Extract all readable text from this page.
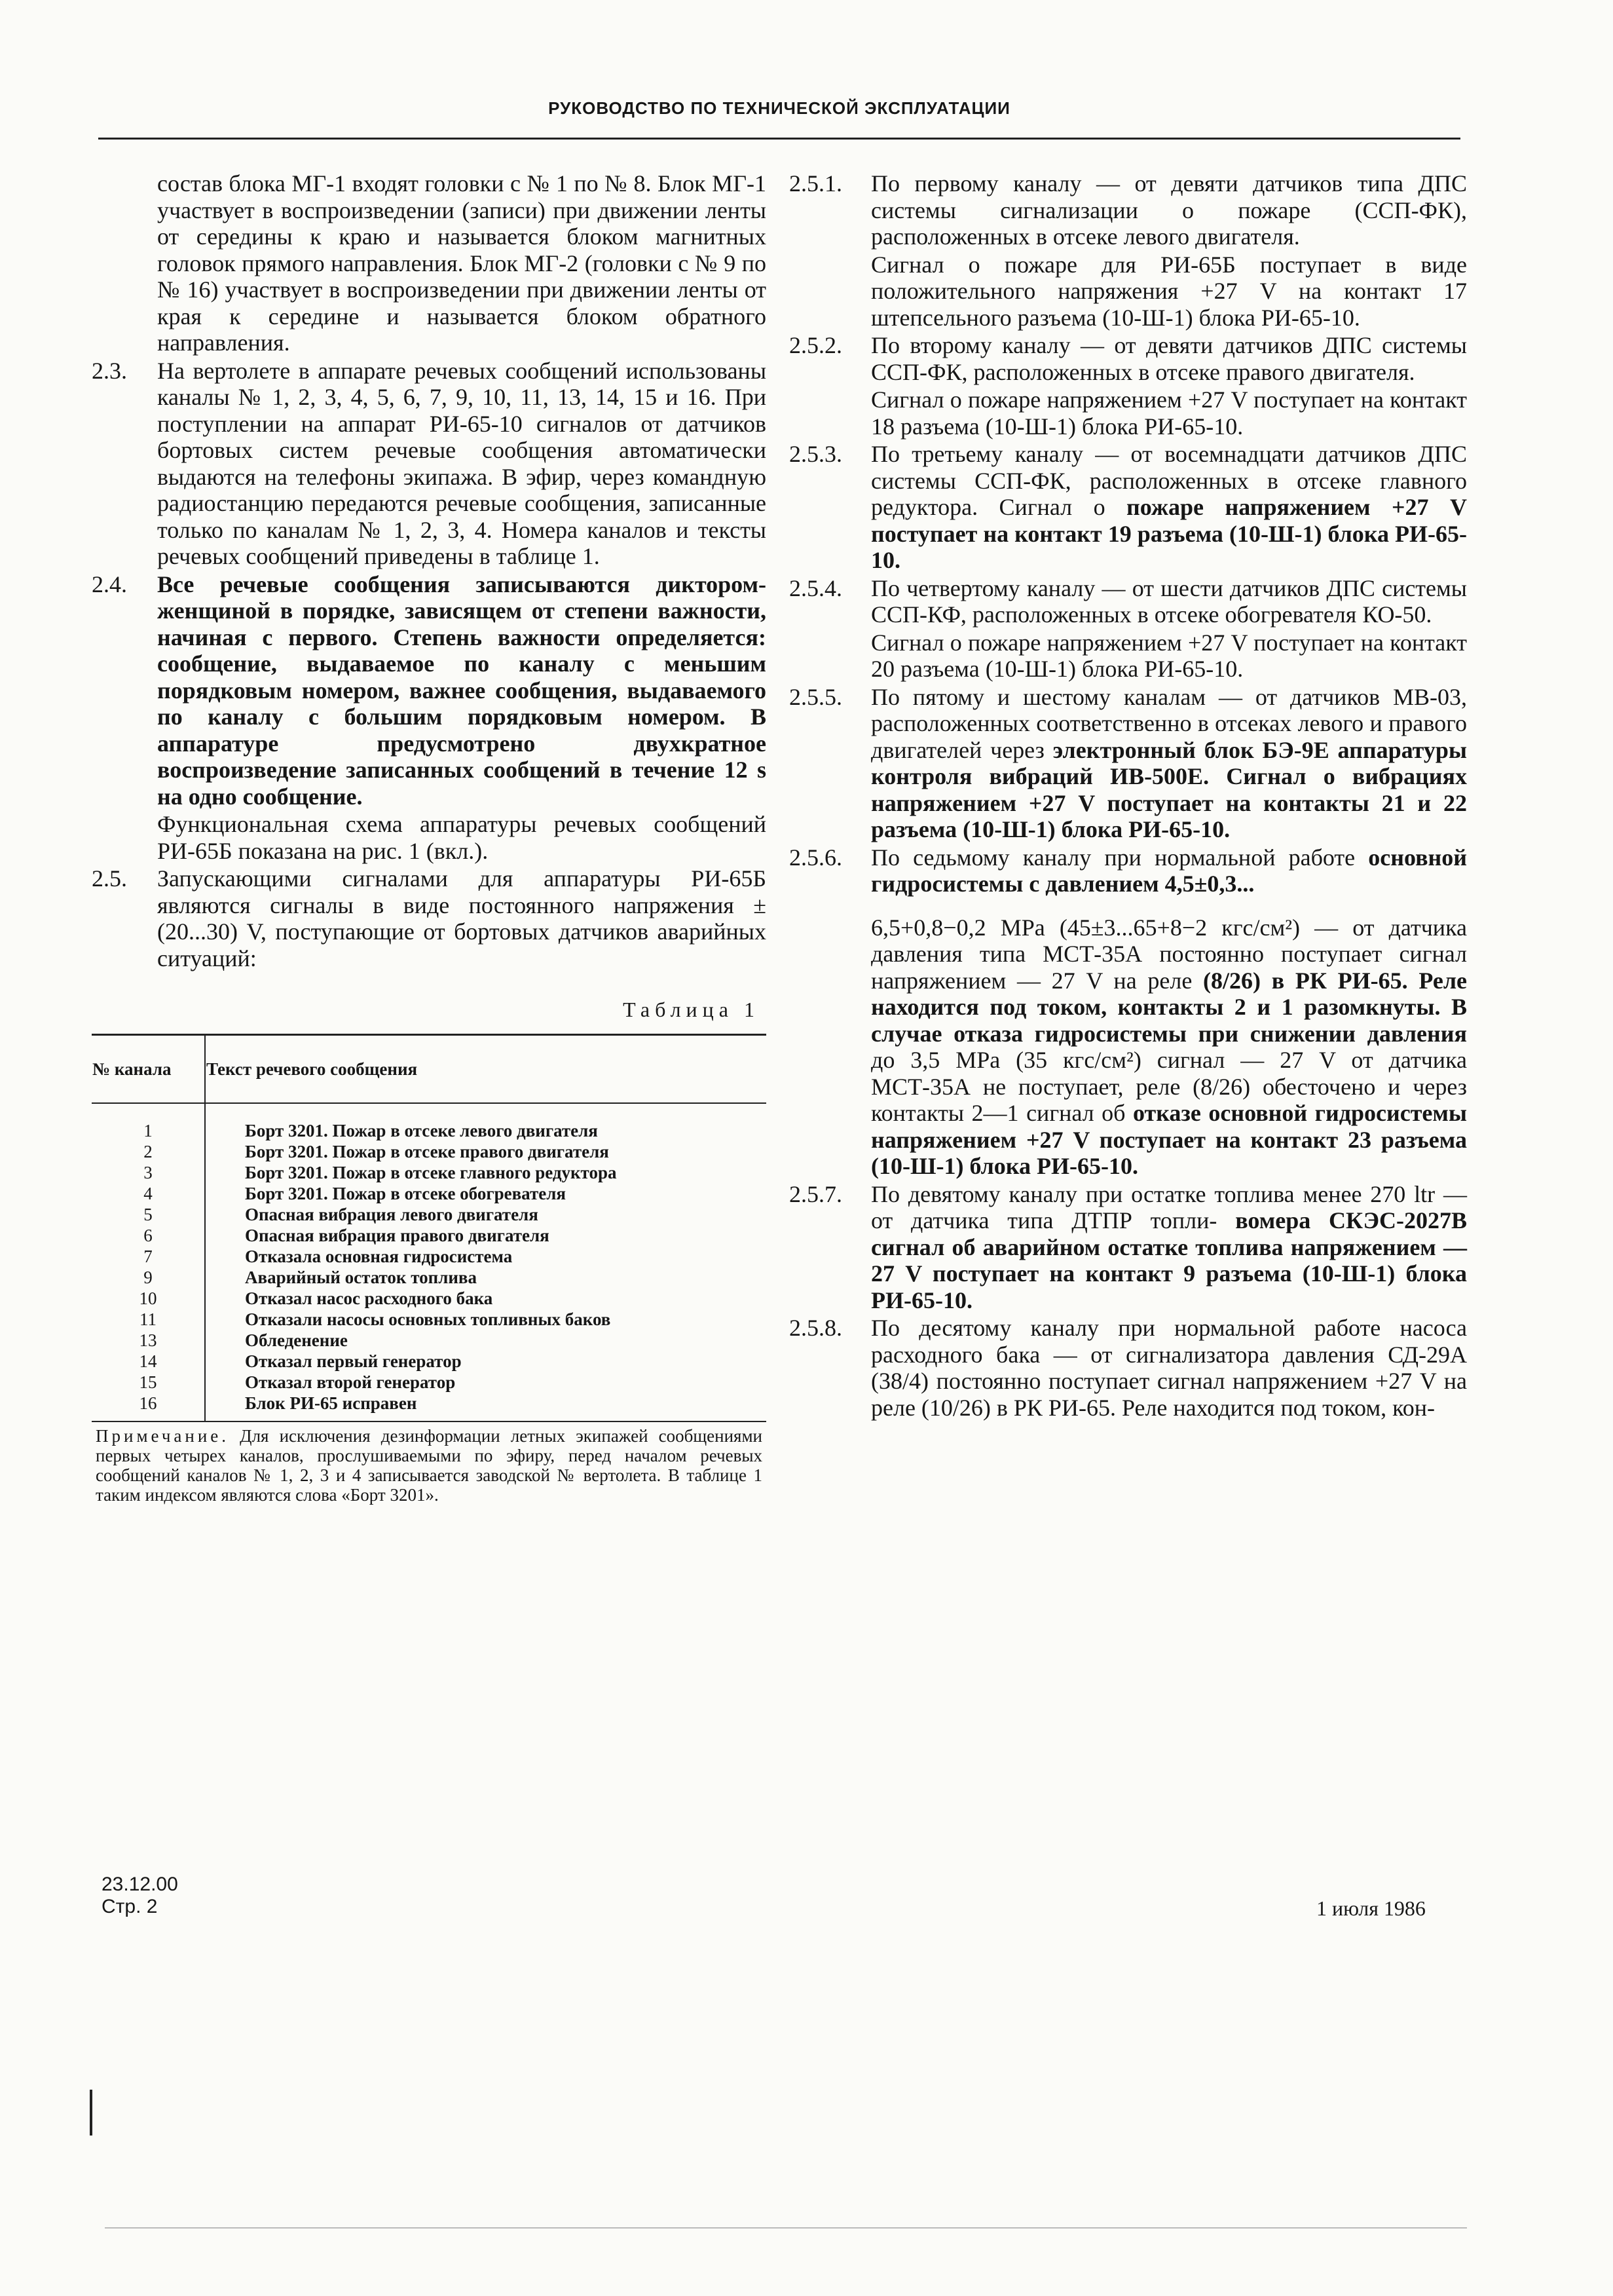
РУКОВОДСТВО ПО ТЕХНИЧЕСКОЙ ЭКСПЛУАТАЦИИ
состав блока МГ-1 входят головки с № 1 по № 8. Блок МГ-1 участвует в воспроизведении (записи) при движении ленты от середины к краю и называется блоком магнитных головок прямого направления. Блок МГ-2 (головки с № 9 по № 16) участвует в воспроизведении при движении ленты от края к середине и называется блоком обратного направления.
2.3. На вертолете в аппарате речевых сообщений использованы каналы № 1, 2, 3, 4, 5, 6, 7, 9, 10, 11, 13, 14, 15 и 16. При поступлении на аппарат РИ-65-10 сигналов от датчиков бортовых систем речевые сообщения автоматически выдаются на телефоны экипажа. В эфир, через командную радиостанцию передаются речевые сообщения, записанные только по каналам № 1, 2, 3, 4. Номера каналов и тексты речевых сообщений приведены в таблице 1.
2.4. Все речевые сообщения записываются диктором-женщиной в порядке, зависящем от степени важности, начиная с первого. Степень важности определяется: сообщение, выдаваемое по каналу с меньшим порядковым номером, важнее сообщения, выдаваемого по каналу с большим порядковым номером. В аппаратуре предусмотрено двухкратное воспроизведение записанных сообщений в течение 12 s на одно сообщение.
Функциональная схема аппаратуры речевых сообщений РИ-65Б показана на рис. 1 (вкл.).
2.5. Запускающими сигналами для аппаратуры РИ-65Б являются сигналы в виде постоянного напряжения ± (20...30) V, поступающие от бортовых датчиков аварийных ситуаций:
Таблица 1
№ канала	Текст речевого сообщения
1	Борт 3201. Пожар в отсеке левого двигателя
2	Борт 3201. Пожар в отсеке правого двигателя
3	Борт 3201. Пожар в отсеке главного редуктора
4	Борт 3201. Пожар в отсеке обогревателя
5	Опасная вибрация левого двигателя
6	Опасная вибрация правого двигателя
7	Отказала основная гидросистема
9	Аварийный остаток топлива
10	Отказал насос расходного бака
11	Отказали насосы основных топливных баков
13	Обледенение
14	Отказал первый генератор
15	Отказал второй генератор
16	Блок РИ-65 исправен
Примечание. Для исключения дезинформации летных экипажей сообщениями первых четырех каналов, прослушиваемыми по эфиру, перед началом речевых сообщений каналов № 1, 2, 3 и 4 записывается заводской № вертолета. В таблице 1 таким индексом являются слова «Борт 3201».
2.5.1. По первому каналу — от девяти датчиков типа ДПС системы сигнализации о пожаре (ССП-ФК), расположенных в отсеке левого двигателя.
Сигнал о пожаре для РИ-65Б поступает в виде положительного напряжения +27 V на контакт 17 штепсельного разъема (10-Ш-1) блока РИ-65-10.
2.5.2. По второму каналу — от девяти датчиков ДПС системы ССП-ФК, расположенных в отсеке правого двигателя.
Сигнал о пожаре напряжением +27 V поступает на контакт 18 разъема (10-Ш-1) блока РИ-65-10.
2.5.3. По третьему каналу — от восемнадцати датчиков ДПС системы ССП-ФК, расположенных в отсеке главного редуктора. Сигнал о пожаре напряжением +27 V поступает на контакт 19 разъема (10-Ш-1) блока РИ-65-10.
2.5.4. По четвертому каналу — от шести датчиков ДПС системы ССП-КФ, расположенных в отсеке обогревателя КО-50.
Сигнал о пожаре напряжением +27 V поступает на контакт 20 разъема (10-Ш-1) блока РИ-65-10.
2.5.5. По пятому и шестому каналам — от датчиков МВ-03, расположенных соответственно в отсеках левого и правого двигателей через электронный блок БЭ-9Е аппаратуры контроля вибраций ИВ-500Е. Сигнал о вибрациях напряжением +27 V поступает на контакты 21 и 22 разъема (10-Ш-1) блока РИ-65-10.
2.5.6. По седьмому каналу при нормальной работе основной гидросистемы с давлением 4,5±0,3...
6,5+0,8−0,2 МРа (45±3...65+8−2 кгс/см²) — от датчика давления типа МСТ-35А постоянно поступает сигнал напряжением — 27 V на реле (8/26) в РК РИ-65. Реле находится под током, контакты 2 и 1 разомкнуты. В случае отказа гидросистемы при снижении давления до 3,5 МРа (35 кгс/см²) сигнал — 27 V от датчика МСТ-35А не поступает, реле (8/26) обесточено и через контакты 2—1 сигнал об отказе основной гидросистемы напряжением +27 V поступает на контакт 23 разъема (10-Ш-1) блока РИ-65-10.
2.5.7. По девятому каналу при остатке топлива менее 270 ltr — от датчика типа ДТПР топли- вомера СКЭС-2027В сигнал об аварийном остатке топлива напряжением —27 V поступает на контакт 9 разъема (10-Ш-1) блока РИ-65-10.
2.5.8. По десятому каналу при нормальной работе насоса расходного бака — от сигнализатора давления СД-29А (38/4) постоянно поступает сигнал напряжением +27 V на реле (10/26) в РК РИ-65. Реле находится под током, кон-
23.12.00
Стр. 2	1 июля 1986
